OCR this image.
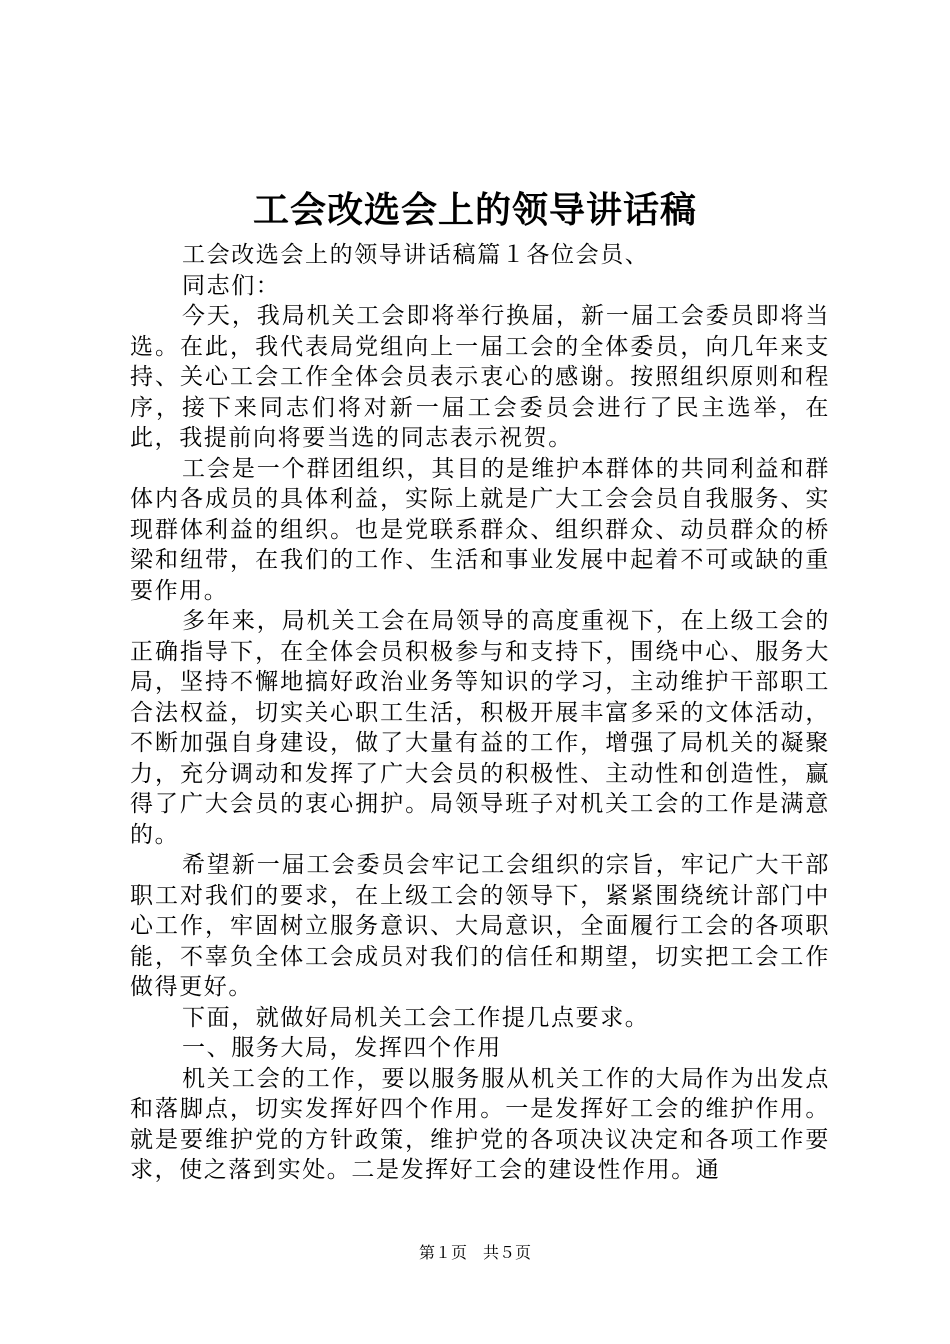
工会改选会上的领导讲话稿

工会改选会上的领导讲话稿篇１各位会员、

同志们：

今天，我局机关工会即将举行换届，新一届工会委员即将当选。在此，我代表局党组向上一届工会的全体委员，向几年来支持、关心工会工作全体会员表示衷心的感谢。按照组织原则和程序，接下来同志们将对新一届工会委员会进行了民主选举，在此，我提前向将要当选的同志表示祝贺。

工会是一个群团组织，其目的是维护本群体的共同利益和群体内各成员的具体利益，实际上就是广大工会会员自我服务、实现群体利益的组织。也是党联系群众、组织群众、动员群众的桥梁和纽带，在我们的工作、生活和事业发展中起着不可或缺的重要作用。

多年来，局机关工会在局领导的高度重视下，在上级工会的正确指导下，在全体会员积极参与和支持下，围绕中心、服务大局，坚持不懈地搞好政治业务等知识的学习，主动维护干部职工合法权益，切实关心职工生活，积极开展丰富多采的文体活动，不断加强自身建设，做了大量有益的工作，增强了局机关的凝聚力，充分调动和发挥了广大会员的积极性、主动性和创造性，赢得了广大会员的衷心拥护。局领导班子对机关工会的工作是满意的。

希望新一届工会委员会牢记工会组织的宗旨，牢记广大干部职工对我们的要求，在上级工会的领导下，紧紧围绕统计部门中心工作，牢固树立服务意识、大局意识，全面履行工会的各项职能，不辜负全体工会成员对我们的信任和期望，切实把工会工作做得更好。

下面，就做好局机关工会工作提几点要求。

一、服务大局，发挥四个作用

机关工会的工作，要以服务服从机关工作的大局作为出发点和落脚点，切实发挥好四个作用。一是发挥好工会的维护作用。就是要维护党的方针政策，维护党的各项决议决定和各项工作要求，使之落到实处。二是发挥好工会的建设性作用。通

第１页　共５页
